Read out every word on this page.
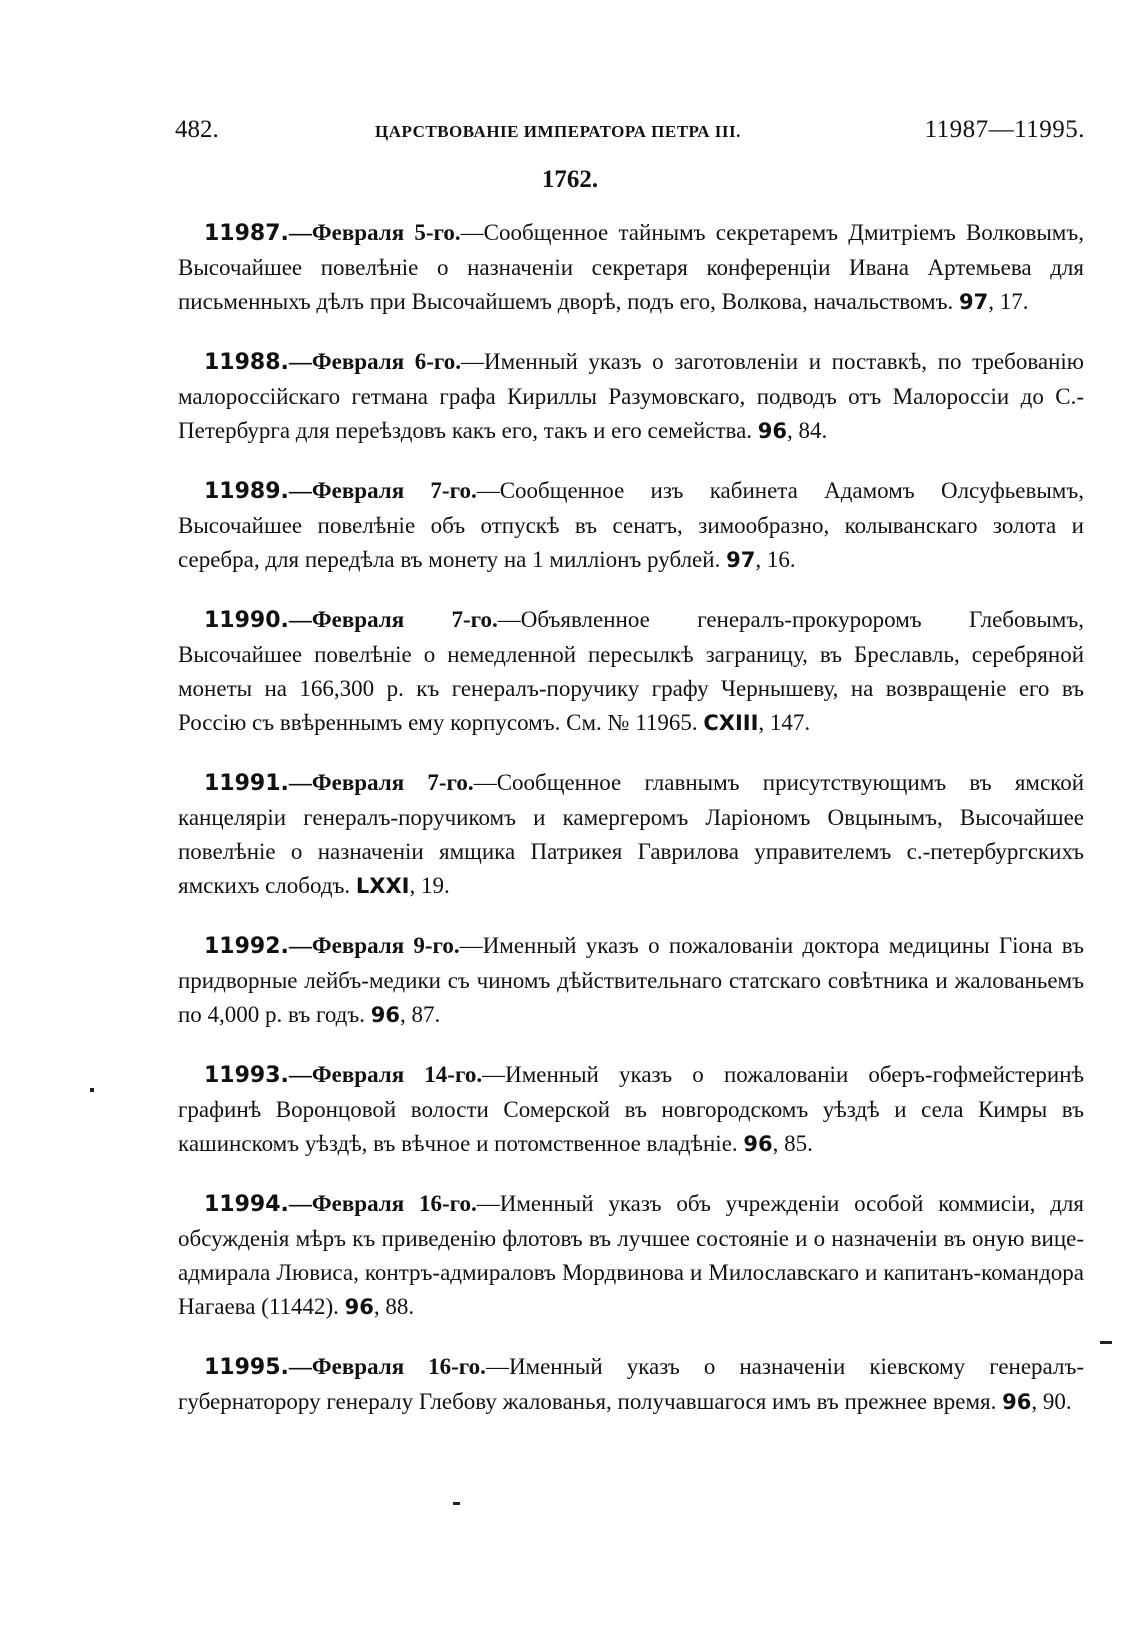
482.	ЦАРСТВОВАНІЕ ИМПЕРАТОРА ПЕТРА III.	11987—11995.
1762.

11987.—Февраля 5-го.—Сообщенное тайнымъ секретаремъ Дмитріемъ Волковымъ, Высочайшее повелѣніе о назначеніи секретаря конференціи Ивана Артемьева для письменныхъ дѣлъ при Высочайшемъ дворѣ, подъ его, Волкова, начальствомъ. 97, 17.

11988.—Февраля 6-го.—Именный указъ о заготовленіи и поставкѣ, по требованію малороссійскаго гетмана графа Кириллы Разумовскаго, подводъ отъ Малороссіи до С.-Петербурга для переѣздовъ какъ его, такъ и его семейства. 96, 84.

11989.—Февраля 7-го.—Сообщенное изъ кабинета Адамомъ Олсуфьевымъ, Высочайшее повелѣніе объ отпускѣ въ сенатъ, зимообразно, колыванскаго золота и серебра, для передѣла въ монету на 1 милліонъ рублей. 97, 16.

11990.—Февраля 7-го.—Объявленное генералъ-прокуроромъ Глебовымъ, Высочайшее повелѣніе о немедленной пересылкѣ заграницу, въ Бреславль, серебряной монеты на 166,300 р. къ генералъ-поручику графу Чернышеву, на возвращеніе его въ Россію съ ввѣреннымъ ему корпусомъ. См. № 11965. CXIII, 147.

11991.—Февраля 7-го.—Сообщенное главнымъ присутствующимъ въ ямской канцеляріи генералъ-поручикомъ и камергеромъ Ларіономъ Овцынымъ, Высочайшее повелѣніе о назначеніи ямщика Патрикея Гаврилова управителемъ с.-петербургскихъ ямскихъ слободъ. LXXI, 19.

11992.—Февраля 9-го.—Именный указъ о пожалованіи доктора медицины Гіона въ придворные лейбъ-медики съ чиномъ дѣйствительнаго статскаго совѣтника и жалованьемъ по 4,000 р. въ годъ. 96, 87.

11993.—Февраля 14-го.—Именный указъ о пожалованіи оберъ-гофмейстеринѣ графинѣ Воронцовой волости Сомерской въ новгородскомъ уѣздѣ и села Кимры въ кашинскомъ уѣздѣ, въ вѣчное и потомственное владѣніе. 96, 85.

11994.—Февраля 16-го.—Именный указъ объ учрежденіи особой коммисіи, для обсужденія мѣръ къ приведенію флотовъ въ лучшее состояніе и о назначеніи въ оную вице-адмирала Лювиса, контръ-адмираловъ Мордвинова и Милославскаго и капитанъ-командора Нагаева (11442). 96, 88.

11995.—Февраля 16-го.—Именный указъ о назначеніи кіевскому генералъ-губернаторору генералу Глебову жалованья, получавшагося имъ въ прежнее время. 96, 90.
